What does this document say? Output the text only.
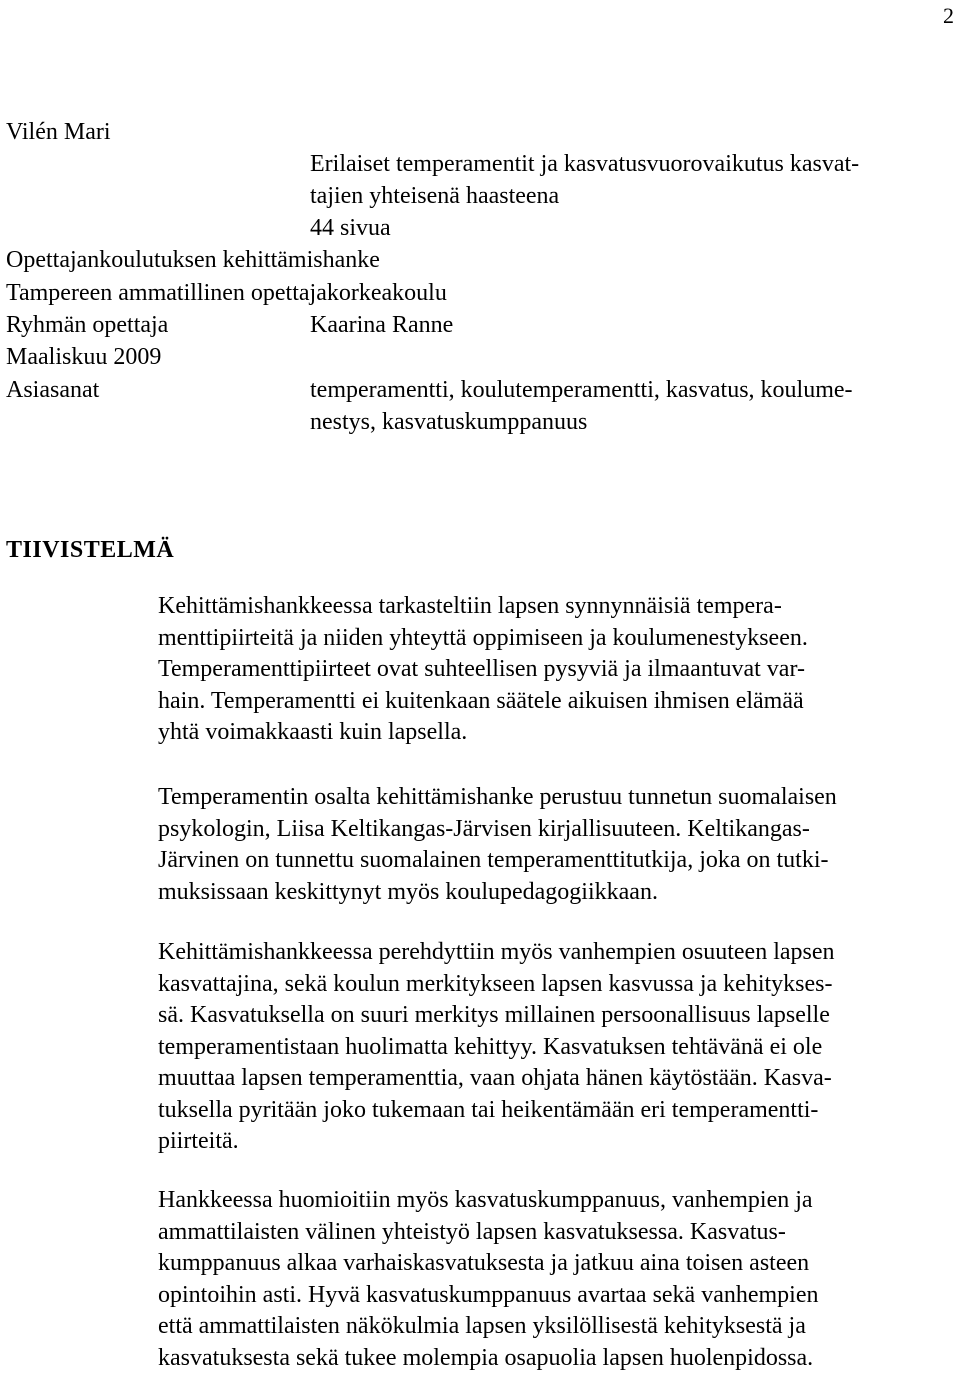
2
Vilén Mari
Erilaiset temperamentit ja kasvatusvuorovaikutus kasvat-
tajien yhteisenä haasteena
44 sivua
Opettajankoulutuksen kehittämishanke
Tampereen ammatillinen opettajakorkeakoulu
Ryhmän opettaja	Kaarina Ranne
Maaliskuu 2009
Asiasanat	temperamentti, koulutemperamentti, kasvatus, koulume-
nestys, kasvatuskumppanuus
TIIVISTELMÄ
Kehittämishankkeessa tarkasteltiin lapsen synnynnäisiä tempera-
menttipiirteitä ja niiden yhteyttä oppimiseen ja koulumenestykseen.
Temperamenttipiirteet ovat suhteellisen pysyviä ja ilmaantuvat var-
hain. Temperamentti ei kuitenkaan säätele aikuisen ihmisen elämää
yhtä voimakkaasti kuin lapsella.
Temperamentin osalta kehittämishanke perustuu tunnetun suomalaisen
psykologin, Liisa Keltikangas-Järvisen kirjallisuuteen. Keltikangas-
Järvinen on tunnettu suomalainen temperamenttitutkija, joka on tutki-
muksissaan keskittynyt myös koulupedagogiikkaan.
Kehittämishankkeessa perehdyttiin myös vanhempien osuuteen lapsen
kasvattajina, sekä koulun merkitykseen lapsen kasvussa ja kehitykses-
sä. Kasvatuksella on suuri merkitys millainen persoonallisuus lapselle
temperamentistaan huolimatta kehittyy. Kasvatuksen tehtävänä ei ole
muuttaa lapsen temperamenttia, vaan ohjata hänen käytöstään. Kasva-
tuksella pyritään joko tukemaan tai heikentämään eri temperamentti-
piirteitä.
Hankkeessa huomioitiin myös kasvatuskumppanuus, vanhempien ja
ammattilaisten välinen yhteistyö lapsen kasvatuksessa. Kasvatus-
kumppanuus alkaa varhaiskasvatuksesta ja jatkuu aina toisen asteen
opintoihin asti. Hyvä kasvatuskumppanuus avartaa sekä vanhempien
että ammattilaisten näkökulmia lapsen yksilöllisestä kehityksestä ja
kasvatuksesta sekä tukee molempia osapuolia lapsen huolenpidossa.
